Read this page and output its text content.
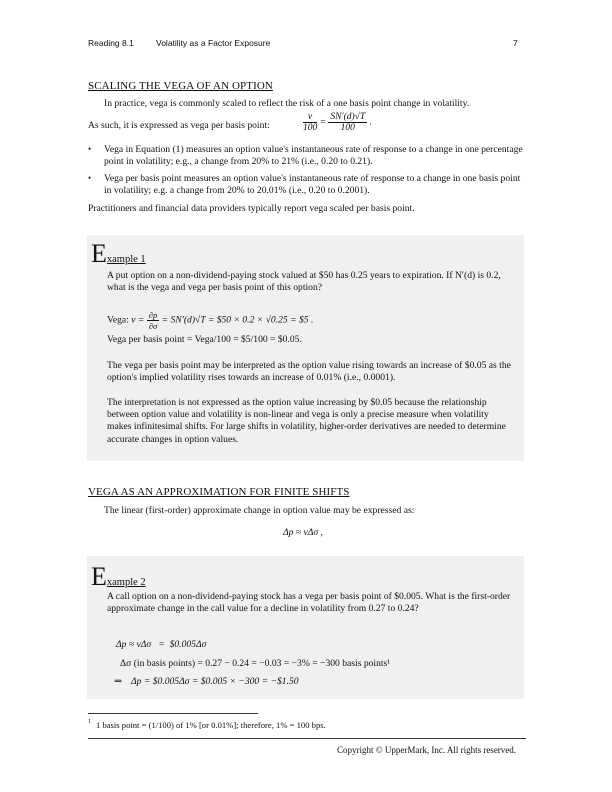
Reading 8.1	Volatility as a Factor Exposure	7
SCALING THE VEGA OF AN OPTION
In practice, vega is commonly scaled to reflect the risk of a one basis point change in volatility.
As such, it is expressed as vega per basis point:	$\frac{\nu}{100} = \frac{SN'(d)√T}{100}$ .
• Vega in Equation (1) measures an option value's instantaneous rate of response to a change in one percentage point in volatility; e.g., a change from 20% to 21% (i.e., 0.20 to 0.21).
• Vega per basis point measures an option value's instantaneous rate of response to a change in one basis point in volatility; e.g. a change from 20% to 20.01% (i.e., 0.20 to 0.2001).
Practitioners and financial data providers typically report vega scaled per basis point.
Example 1
A put option on a non-dividend-paying stock valued at $50 has 0.25 years to expiration. If N′(d) is 0.2, what is the vega and vega per basis point of this option?
Vega: $\nu = \frac{\partial p}{\partial\sigma} = SN'(d)√T$ = $50 × 0.2 × √0.25 = $5 .
Vega per basis point = Vega/100 = $5/100 = $0.05.
The vega per basis point may be interpreted as the option value rising towards an increase of $0.05 as the option's implied volatility rises towards an increase of 0.01% (i.e., 0.0001).
The interpretation is not expressed as the option value increasing by $0.05 because the relationship between option value and volatility is non-linear and vega is only a precise measure when volatility makes infinitesimal shifts. For large shifts in volatility, higher-order derivatives are needed to determine accurate changes in option values.
VEGA AS AN APPROXIMATION FOR FINITE SHIFTS
The linear (first-order) approximate change in option value may be expressed as:
Δp ≈ νΔσ ,
Example 2
A call option on a non-dividend-paying stock has a vega per basis point of $0.005. What is the first-order approximate change in the call value for a decline in volatility from 0.27 to 0.24?
Δp ≈ νΔσ   =  $0.005Δσ
Δσ (in basis points) = 0.27 − 0.24 = −0.03 = −3% = −300 basis points¹
⇒ Δp = $0.005Δσ = $0.005 × −300 = −$1.50
1 1 basis point = (1/100) of 1% [or 0.01%]; therefore, 1% = 100 bps.
Copyright © UpperMark, Inc. All rights reserved.
